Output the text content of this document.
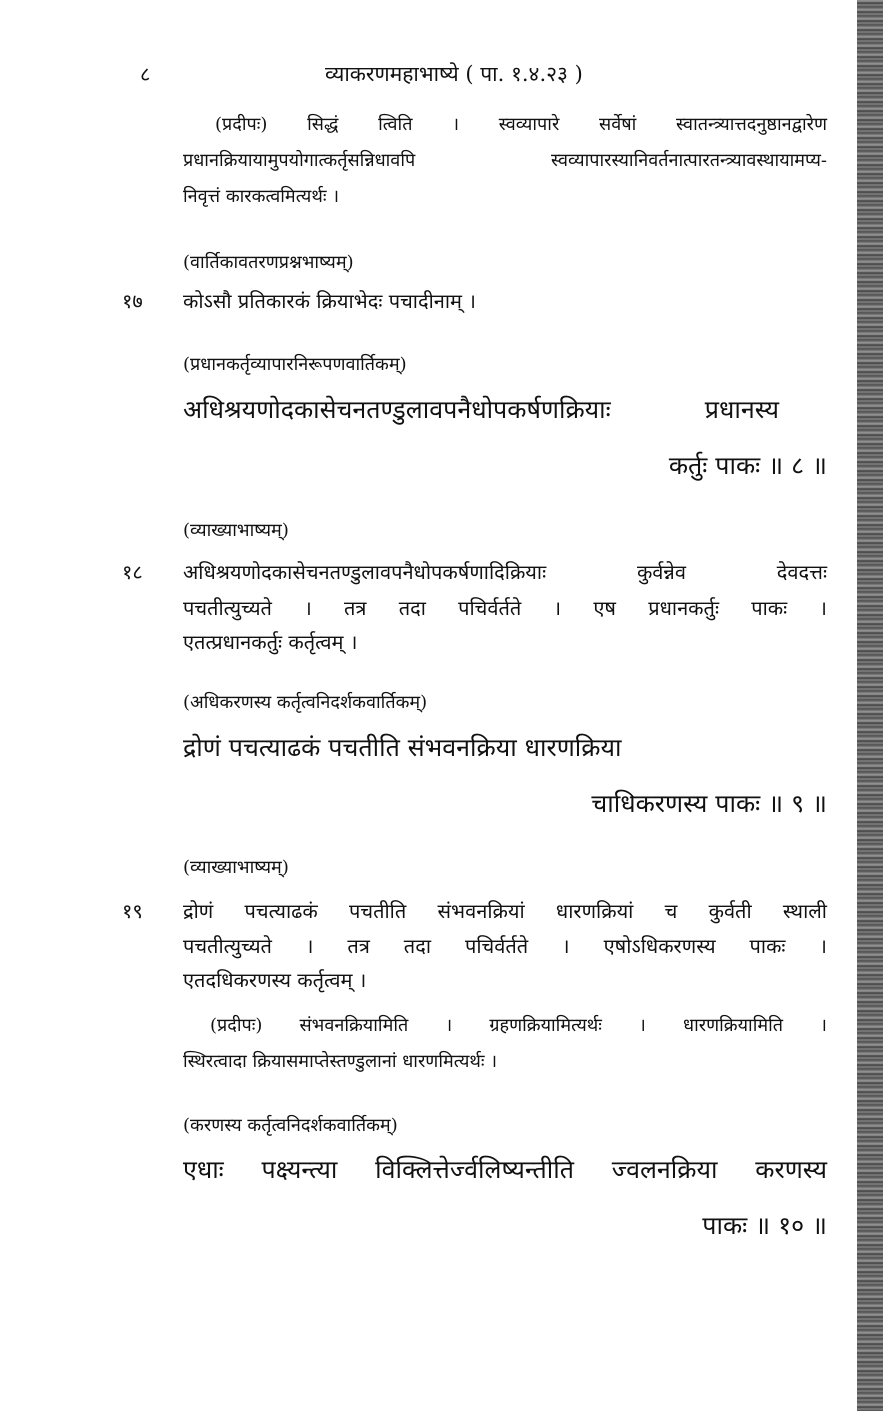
८	व्याकरणमहाभाष्ये ( पा. १.४.२३ )
(प्रदीपः) सिद्धं त्विति । स्वव्यापारे सर्वेषां स्वातन्त्र्यात्तदनुष्ठानद्वारेण
प्रधानक्रियायामुपयोगात्कर्तृसन्निधावपि स्वव्यापारस्यानिवर्तनात्पारतन्त्र्यावस्थायामप्य-
निवृत्तं कारकत्वमित्यर्थः ।
(वार्तिकावतरणप्रश्नभाष्यम्)
१७ कोऽसौ प्रतिकारकं क्रियाभेदः पचादीनाम् ।
(प्रधानकर्तृव्यापारनिरूपणवार्तिकम्)
अधिश्रयणोदकासेचनतण्डुलावपनैधोपकर्षणक्रियाः प्रधानस्य
कर्तुः पाकः ॥ ८ ॥
(व्याख्याभाष्यम्)
१८ अधिश्रयणोदकासेचनतण्डुलावपनैधोपकर्षणादिक्रियाः कुर्वन्नेव देवदत्तः
पचतीत्युच्यते । तत्र तदा पचिर्वर्तते । एष प्रधानकर्तुः पाकः ।
एतत्प्रधानकर्तुः कर्तृत्वम् ।
(अधिकरणस्य कर्तृत्वनिदर्शकवार्तिकम्)
द्रोणं पचत्याढकं पचतीति संभवनक्रिया धारणक्रिया
चाधिकरणस्य पाकः ॥ ९ ॥
(व्याख्याभाष्यम्)
१९ द्रोणं पचत्याढकं पचतीति संभवनक्रियां धारणक्रियां च कुर्वती स्थाली
पचतीत्युच्यते । तत्र तदा पचिर्वर्तते । एषोऽधिकरणस्य पाकः ।
एतदधिकरणस्य कर्तृत्वम् ।
(प्रदीपः) संभवनक्रियामिति । ग्रहणक्रियामित्यर्थः । धारणक्रियामिति ।
स्थिरत्वादा क्रियासमाप्तेस्तण्डुलानां धारणमित्यर्थः ।
(करणस्य कर्तृत्वनिदर्शकवार्तिकम्)
एधाः पक्ष्यन्त्या विक्लित्तेर्ज्वलिष्यन्तीति ज्वलनक्रिया करणस्य
पाकः ॥ १० ॥
